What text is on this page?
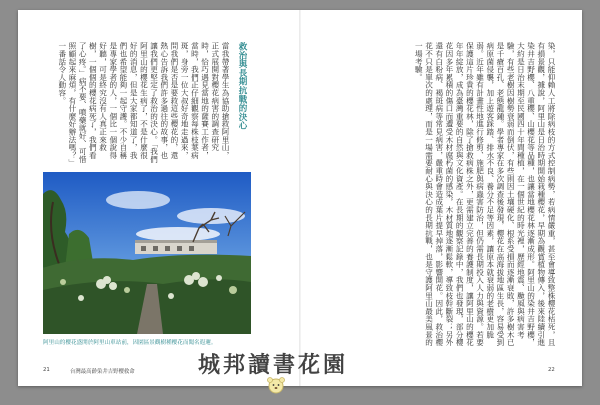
當我帶著學生為協助搶救阿里山，正式展開對櫻花病害的調查研究時，恰巧遇見當地的薩賽工作者，當時，我們正仔細觀察每株枝葉病斑，身旁一位大叔好奇地走過來，問我們是否是要救這些櫻花的，還熱心告訴我們許多過往的故事，也讓我們更堅定了救治的決心。「我們阿里山的櫻花生病了，不是什麼很好的消息，但是大家都知道了，我們也希望能夠一起守護。不少自稱是專家學者的人，一個比一個說得好聽，可是終究沒有人真正來救樹，一個個的櫻花病死了，我們看了心疼。」病不要、噴藥就好、可惜照顧起來麻煩，有什麼好辦法嗎？」一番話令人動容。	救治與長期抗戰的決心
阿里山的櫻花盛開於阿里山車站前，因園區景觀樹種櫻花而聞名遐邇。
21	台灣最高齡染井吉野櫻救命
染，只能仰賴人工將除病枝的方式控制病勢，若病情嚴重，甚至會導致整株櫻花枯死，且有損景觀，據說，阿里山是日治時期開始栽種櫻花，早期為觀賞植物傳入，後來陸續引進染井吉野櫻、八重櫻、山櫻花等品種，也讓當地櫻花林逐漸成形。阿里山的染井吉野櫻，大約是日治末期至民國四十年間種植，在一個世紀的時光裡，歷經地震、颱風與病害考驗，有些老樹因樹勢衰弱而倒伏，有些則因土壤硬化、根系受損而逐漸衰敗，許多樹木已是千瘡百孔、老態龍鍾。學者專家在多次調查後發現，櫻花在高海拔地區生長，容易受到病原菌侵襲，加上遊客踩踏、排水不良、養分不足等因素，讓原本就衰弱的老樹更加脆弱。近年雖有計畫性地進行修剪、施肥與病蟲害防治，但仍需長期投入人力與資源。若要保護這片珍貴的櫻花林，除了搶救病株之外，更需建立完善的養護制度，讓阿里山的櫻花年年綻放，成為臺灣重要的自然與文化資產。在長期的觀察記錄中，我們也發現，部分櫻花因多年累積的傷口而遭受木材腐朽菌的感染，木材質地逐漸鬆軟，導致枝幹斷裂；另外還有白粉病、褐斑病等常見病害，嚴重時會造成葉片提早掉落，影響開花。因此，救治櫻花不只是單次的處理，而是一場需要耐心與決心的長期抗戰，也是守護阿里山最美風景的一場考驗。
22
城邦讀書花園
